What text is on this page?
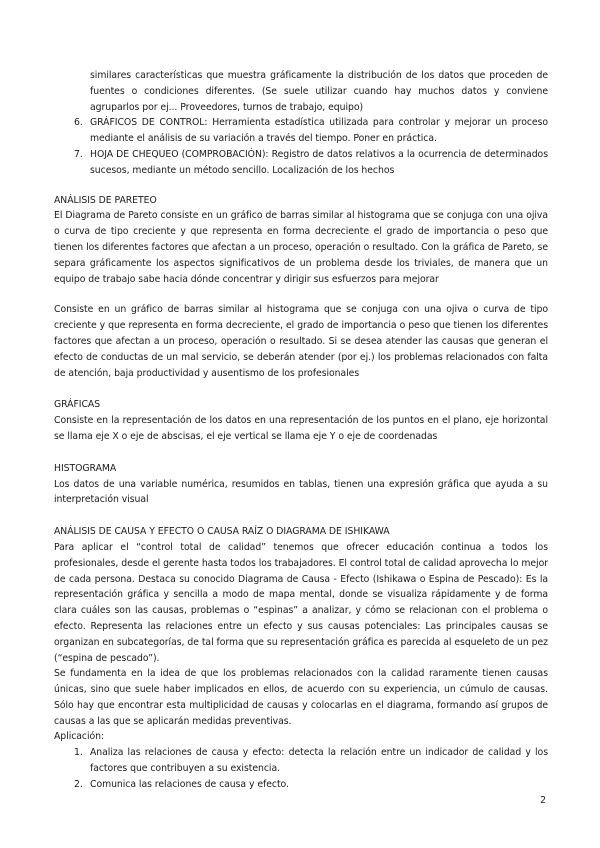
similares características que muestra gráficamente la distribución de los datos que proceden de fuentes o condiciones diferentes. (Se suele utilizar cuando hay muchos datos y conviene agruparlos por ej... Proveedores, turnos de trabajo, equipo)

6. GRÁFICOS DE CONTROL: Herramienta estadística utilizada para controlar y mejorar un proceso mediante el análisis de su variación a través del tiempo. Poner en práctica.
7. HOJA DE CHEQUEO (COMPROBACIÓN): Registro de datos relativos a la ocurrencia de determinados sucesos, mediante un método sencillo. Localización de los hechos

ANÁLISIS DE PARETEO

El Diagrama de Pareto consiste en un gráfico de barras similar al histograma que se conjuga con una ojiva o curva de tipo creciente y que representa en forma decreciente el grado de importancia o peso que tienen los diferentes factores que afectan a un proceso, operación o resultado. Con la gráfica de Pareto, se separa gráficamente los aspectos significativos de un problema desde los triviales, de manera que un equipo de trabajo sabe hacia dónde concentrar y dirigir sus esfuerzos para mejorar

Consiste en un gráfico de barras similar al histograma que se conjuga con una ojiva o curva de tipo creciente y que representa en forma decreciente, el grado de importancia o peso que tienen los diferentes factores que afectan a un proceso, operación o resultado. Si se desea atender las causas que generan el efecto de conductas de un mal servicio, se deberán atender (por ej.) los problemas relacionados con falta de atención, baja productividad y ausentismo de los profesionales

GRÁFICAS

Consiste en la representación de los datos en una representación de los puntos en el plano, eje horizontal se llama eje X o eje de abscisas, el eje vertical se llama eje Y o eje de coordenadas

HISTOGRAMA

Los datos de una variable numérica, resumidos en tablas, tienen una expresión gráfica que ayuda a su interpretación visual

ANÁLISIS DE CAUSA Y EFECTO O CAUSA RAÍZ O DIAGRAMA DE ISHIKAWA

Para aplicar el “control total de calidad” tenemos que ofrecer educación continua a todos los profesionales, desde el gerente hasta todos los trabajadores. El control total de calidad aprovecha lo mejor de cada persona. Destaca su conocido Diagrama de Causa - Efecto (Ishikawa o Espina de Pescado): Es la representación gráfica y sencilla a modo de mapa mental, donde se visualiza rápidamente y de forma clara cuáles son las causas, problemas o “espinas” a analizar, y cómo se relacionan con el problema o efecto. Representa las relaciones entre un efecto y sus causas potenciales: Las principales causas se organizan en subcategorías, de tal forma que su representación gráfica es parecida al esqueleto de un pez (“espina de pescado”).

Se fundamenta en la idea de que los problemas relacionados con la calidad raramente tienen causas únicas, sino que suele haber implicados en ellos, de acuerdo con su experiencia, un cúmulo de causas. Sólo hay que encontrar esta multiplicidad de causas y colocarlas en el diagrama, formando así grupos de causas a las que se aplicarán medidas preventivas.

Aplicación:

1. Analiza las relaciones de causa y efecto: detecta la relación entre un indicador de calidad y los factores que contribuyen a su existencia.
2. Comunica las relaciones de causa y efecto.
2
